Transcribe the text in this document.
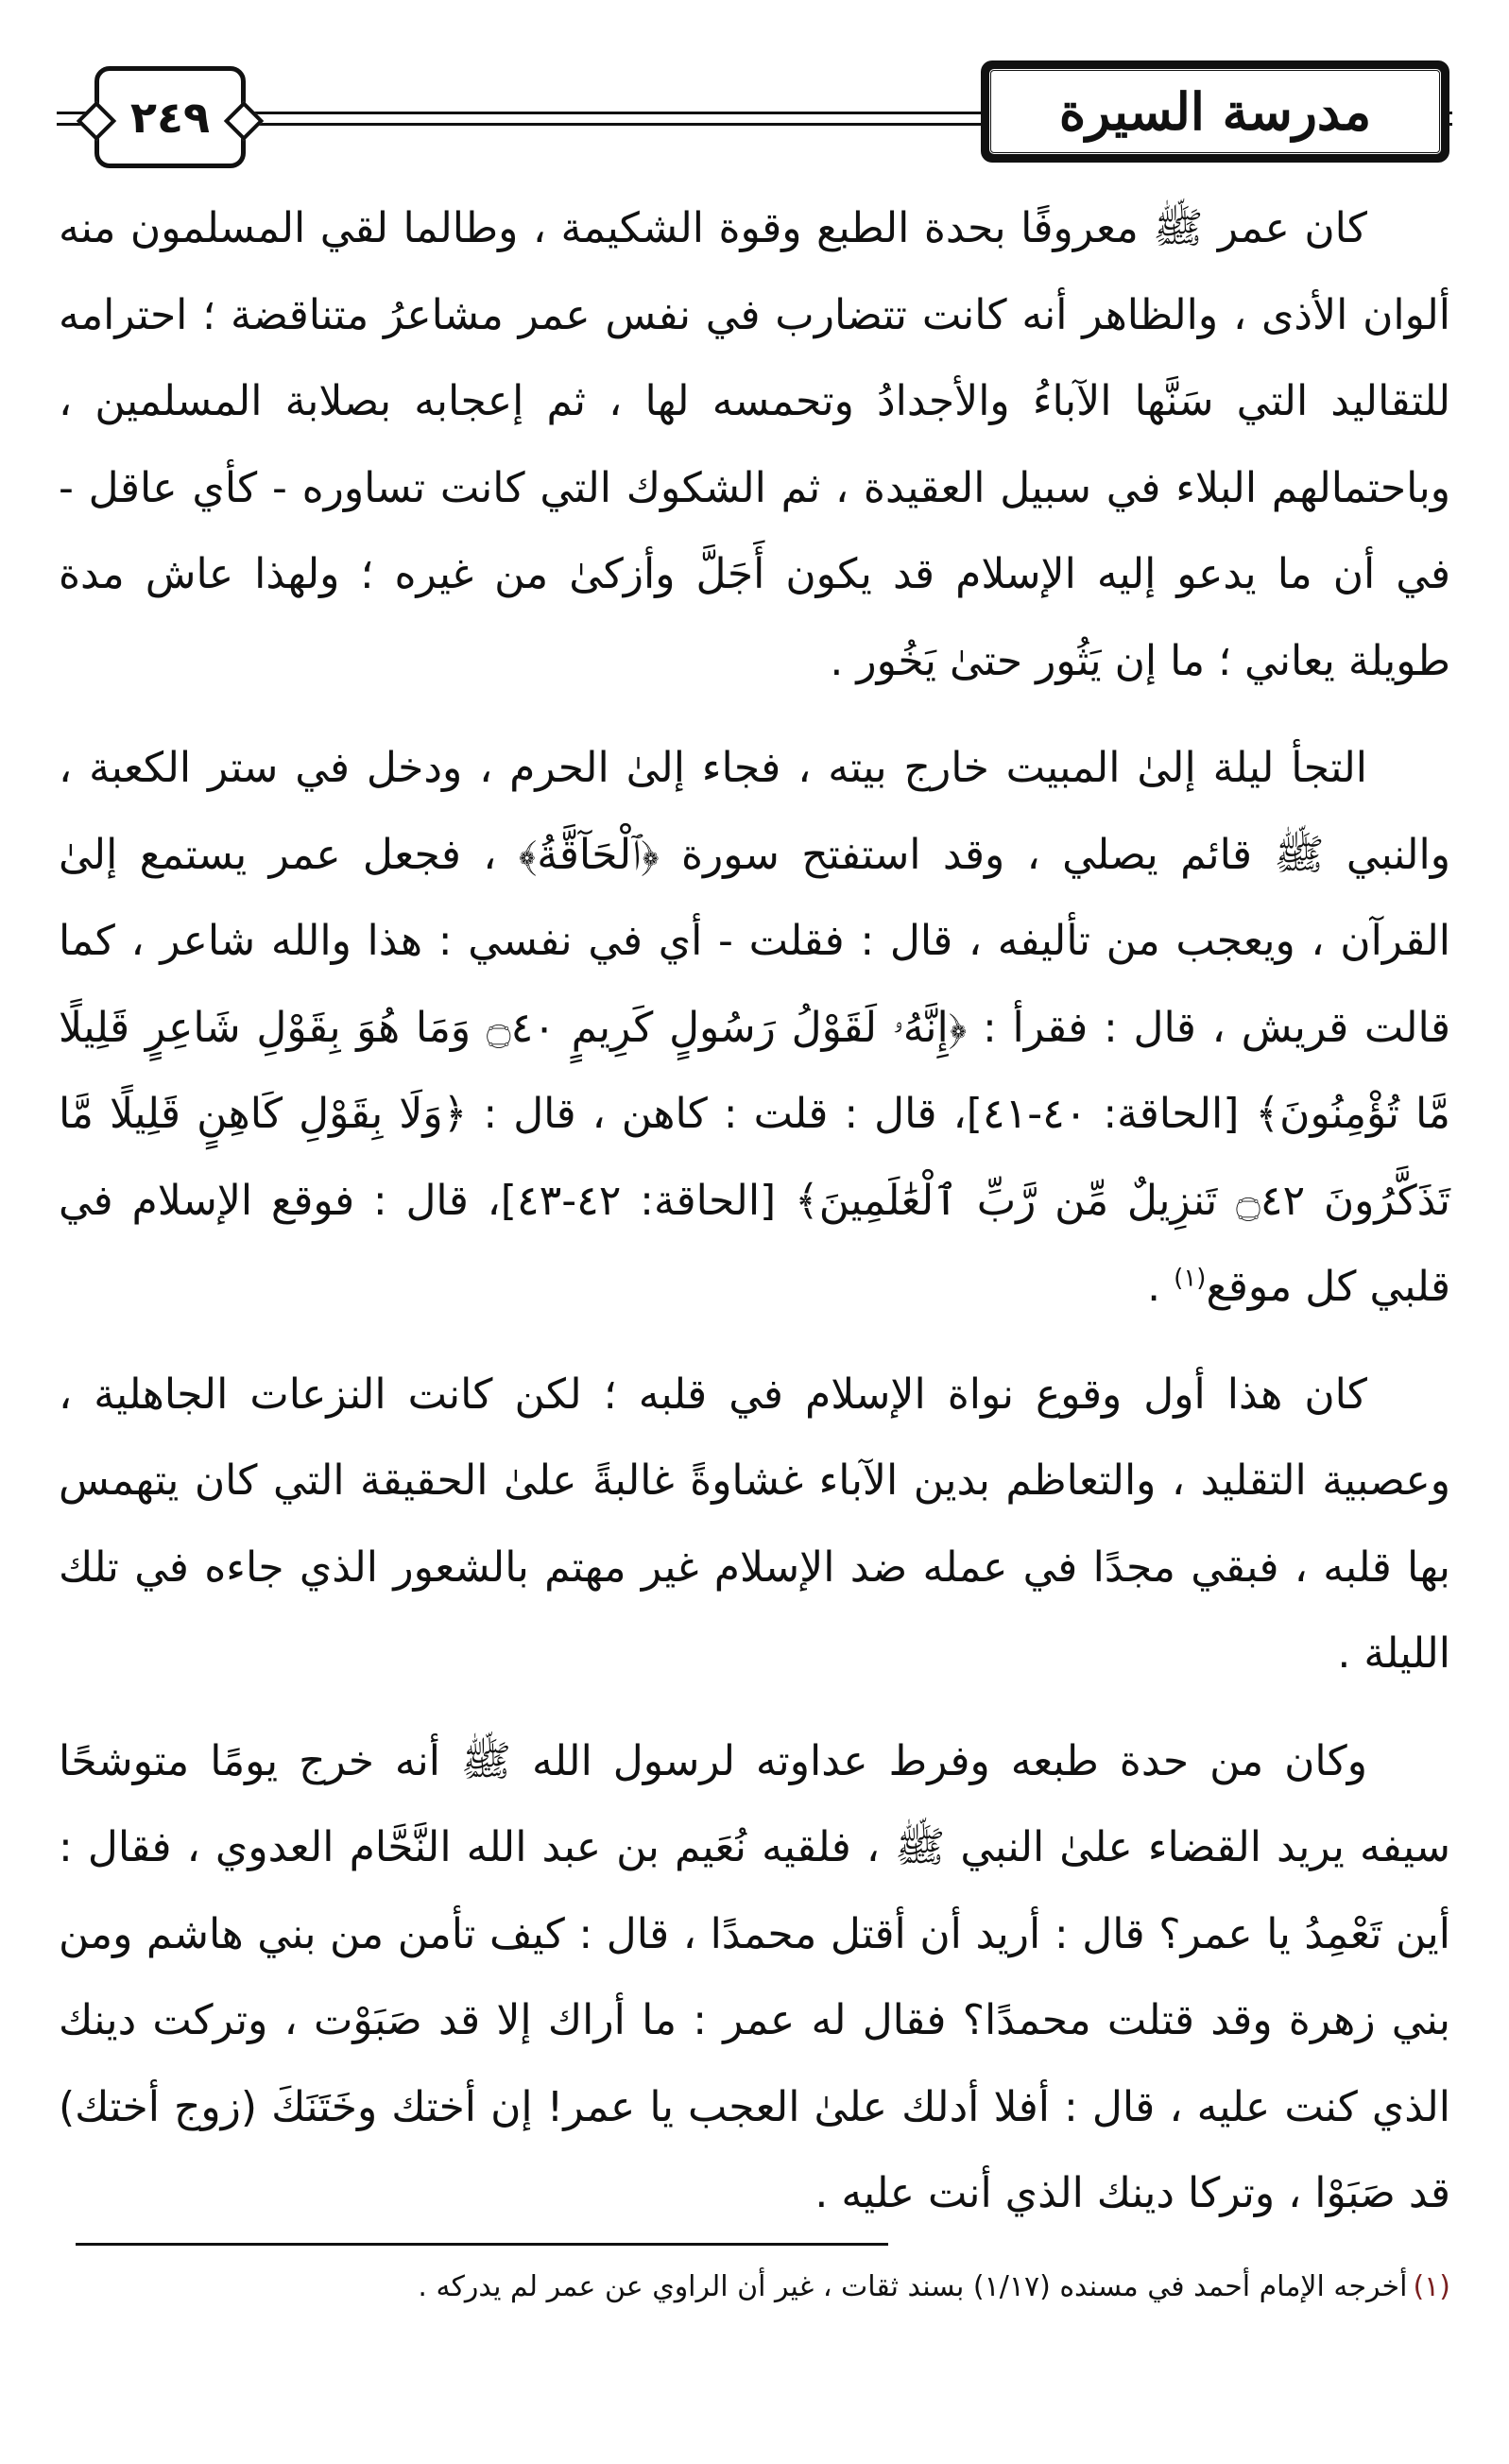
٢٤٩	مدرسة السيرة

كان عمر ﷺ معروفًا بحدة الطبع وقوة الشكيمة ، وطالما لقي المسلمون منه ألوان الأذى ، والظاهر أنه كانت تتضارب في نفس عمر مشاعرُ متناقضة ؛ احترامه للتقاليد التي سَنَّها الآباءُ والأجدادُ وتحمسه لها ، ثم إعجابه بصلابة المسلمين ، وباحتمالهم البلاء في سبيل العقيدة ، ثم الشكوك التي كانت تساوره - كأي عاقل - في أن ما يدعو إليه الإسلام قد يكون أَجَلَّ وأزكىٰ من غيره ؛ ولهذا عاش مدة طويلة يعاني ؛ ما إن يَثُور حتىٰ يَخُور .

التجأ ليلة إلىٰ المبيت خارج بيته ، فجاء إلىٰ الحرم ، ودخل في ستر الكعبة ، والنبي ﷺ قائم يصلي ، وقد استفتح سورة ﴿ٱلْحَآقَّةُ﴾ ، فجعل عمر يستمع إلىٰ القرآن ، ويعجب من تأليفه ، قال : فقلت - أي في نفسي : هذا والله شاعر ، كما قالت قريش ، قال : فقرأ : ﴿إِنَّهُۥ لَقَوْلُ رَسُولٍ كَرِيمٍ ۝٤٠ وَمَا هُوَ بِقَوْلِ شَاعِرٍ قَلِيلًا مَّا تُؤْمِنُونَ﴾ [الحاقة: ٤٠-٤١]، قال : قلت : كاهن ، قال : ﴿وَلَا بِقَوْلِ كَاهِنٍ قَلِيلًا مَّا تَذَكَّرُونَ ۝٤٢ تَنزِيلٌ مِّن رَّبِّ ٱلْعَٰلَمِينَ﴾ [الحاقة: ٤٢-٤٣]، قال : فوقع الإسلام في قلبي كل موقع$^{(١)}$ .

كان هذا أول وقوع نواة الإسلام في قلبه ؛ لكن كانت النزعات الجاهلية ، وعصبية التقليد ، والتعاظم بدين الآباء غشاوةً غالبةً علىٰ الحقيقة التي كان يتهمس بها قلبه ، فبقي مجدًا في عمله ضد الإسلام غير مهتم بالشعور الذي جاءه في تلك الليلة .

وكان من حدة طبعه وفرط عداوته لرسول الله ﷺ أنه خرج يومًا متوشحًا سيفه يريد القضاء علىٰ النبي ﷺ ، فلقيه نُعَيم بن عبد الله النَّحَّام العدوي ، فقال : أين تَعْمِدُ يا عمر؟ قال : أريد أن أقتل محمدًا ، قال : كيف تأمن من بني هاشم ومن بني زهرة وقد قتلت محمدًا؟ فقال له عمر : ما أراك إلا قد صَبَوْت ، وتركت دينك الذي كنت عليه ، قال : أفلا أدلك علىٰ العجب يا عمر! إن أختك وخَتَنَكَ (زوج أختك) قد صَبَوْا ، وتركا دينك الذي أنت عليه .

(١)أخرجه الإمام أحمد في مسنده (١/١٧) بسند ثقات ، غير أن الراوي عن عمر لم يدركه .
